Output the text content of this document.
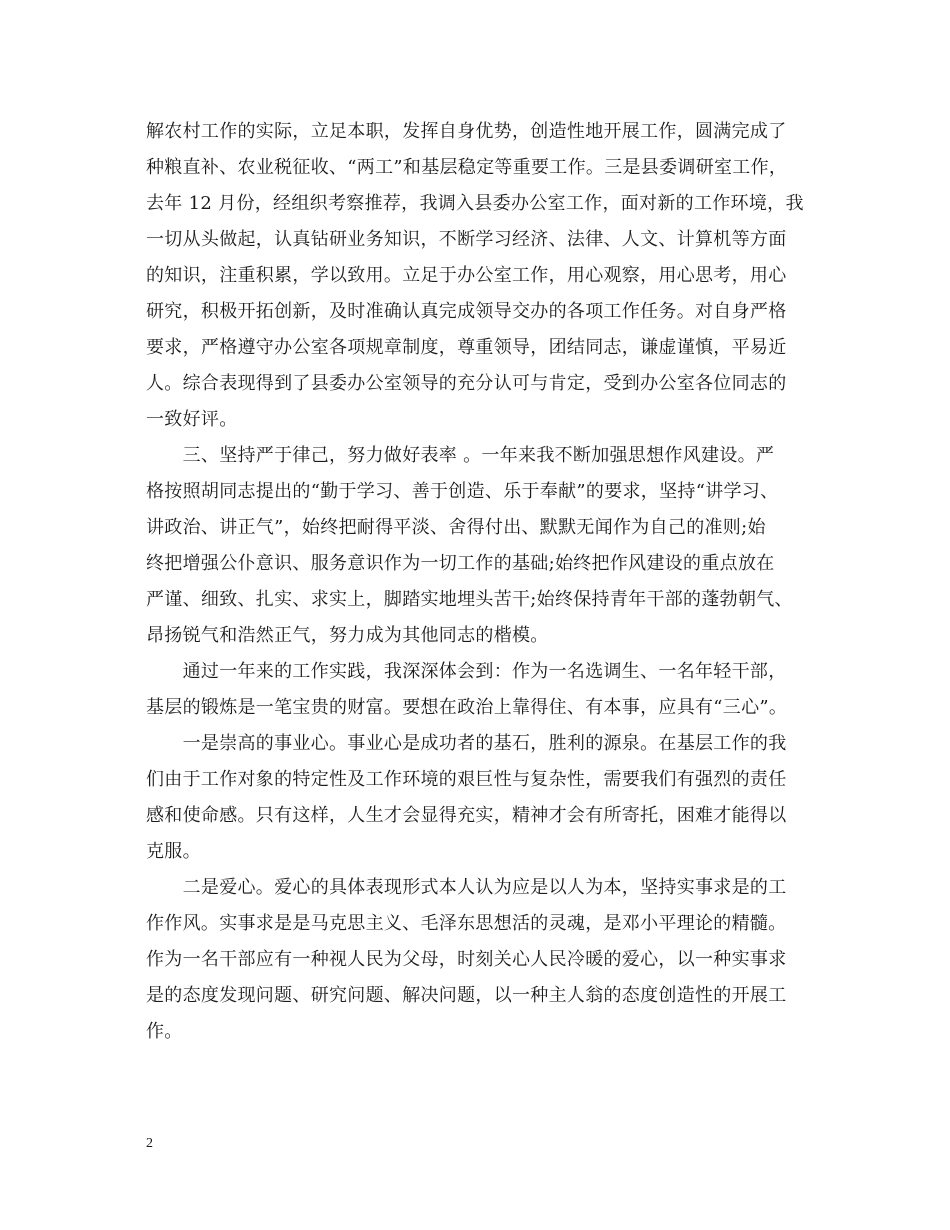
解农村工作的实际，立足本职，发挥自身优势，创造性地开展工作，圆满完成了
种粮直补、农业税征收、“两工”和基层稳定等重要工作。三是县委调研室工作，
去年 12 月份，经组织考察推荐，我调入县委办公室工作，面对新的工作环境，我
一切从头做起，认真钻研业务知识，不断学习经济、法律、人文、计算机等方面
的知识，注重积累，学以致用。立足于办公室工作，用心观察，用心思考，用心
研究，积极开拓创新，及时准确认真完成领导交办的各项工作任务。对自身严格
要求，严格遵守办公室各项规章制度，尊重领导，团结同志，谦虚谨慎，平易近
人。综合表现得到了县委办公室领导的充分认可与肯定，受到办公室各位同志的
一致好评。
　　三、坚持严于律己，努力做好表率 。一年来我不断加强思想作风建设。严
格按照胡同志提出的“勤于学习、善于创造、乐于奉献”的要求，坚持“讲学习、
讲政治、讲正气”，始终把耐得平淡、舍得付出、默默无闻作为自己的准则;始
终把增强公仆意识、服务意识作为一切工作的基础;始终把作风建设的重点放在
严谨、细致、扎实、求实上，脚踏实地埋头苦干;始终保持青年干部的蓬勃朝气、
昂扬锐气和浩然正气，努力成为其他同志的楷模。
　　通过一年来的工作实践，我深深体会到：作为一名选调生、一名年轻干部，
基层的锻炼是一笔宝贵的财富。要想在政治上靠得住、有本事，应具有“三心”。
　　一是崇高的事业心。事业心是成功者的基石，胜利的源泉。在基层工作的我
们由于工作对象的特定性及工作环境的艰巨性与复杂性，需要我们有强烈的责任
感和使命感。只有这样，人生才会显得充实，精神才会有所寄托，困难才能得以
克服。
　　二是爱心。爱心的具体表现形式本人认为应是以人为本，坚持实事求是的工
作作风。实事求是是马克思主义、毛泽东思想活的灵魂，是邓小平理论的精髓。
作为一名干部应有一种视人民为父母，时刻关心人民冷暖的爱心，以一种实事求
是的态度发现问题、研究问题、解决问题，以一种主人翁的态度创造性的开展工
作。
2
